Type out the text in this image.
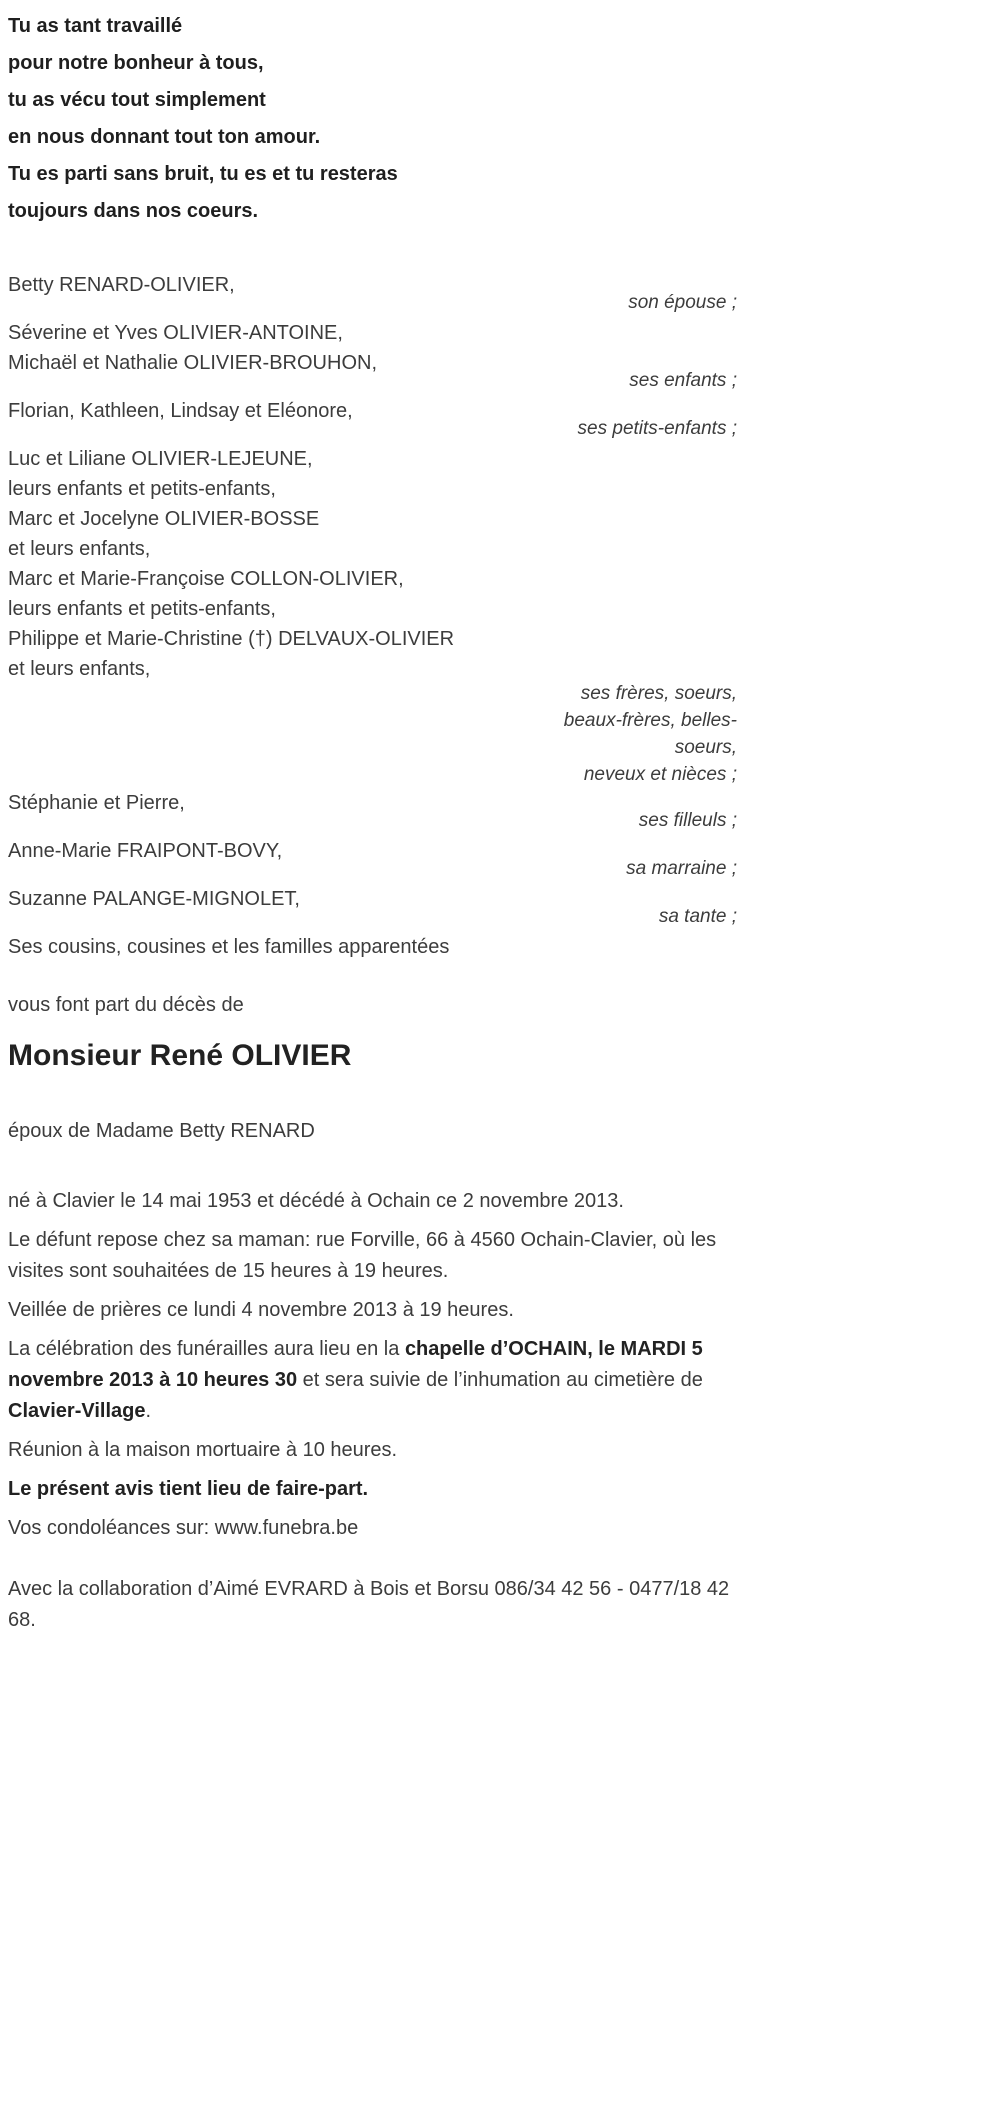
Tu as tant travaillé
pour notre bonheur à tous,
tu as vécu tout simplement
en nous donnant tout ton amour.
Tu es parti sans bruit, tu es et tu resteras
toujours dans nos coeurs.
Betty RENARD-OLIVIER,
son épouse ;
Séverine et Yves OLIVIER-ANTOINE,
Michaël et Nathalie OLIVIER-BROUHON,
ses enfants ;
Florian, Kathleen, Lindsay et Eléonore,
ses petits-enfants ;
Luc et Liliane OLIVIER-LEJEUNE,
leurs enfants et petits-enfants,
Marc et Jocelyne OLIVIER-BOSSE
et leurs enfants,
Marc et Marie-Françoise COLLON-OLIVIER,
leurs enfants et petits-enfants,
Philippe et Marie-Christine (†) DELVAUX-OLIVIER
et leurs enfants,
ses frères, soeurs,
beaux-frères, belles-
soeurs,
neveux et nièces ;
Stéphanie et Pierre,
ses filleuls ;
Anne-Marie FRAIPONT-BOVY,
sa marraine ;
Suzanne PALANGE-MIGNOLET,
sa tante ;
Ses cousins, cousines et les familles apparentées

vous font part du décès de

Monsieur René OLIVIER

époux de Madame Betty RENARD

né à Clavier le 14 mai 1953 et décédé à Ochain ce 2 novembre 2013.

Le défunt repose chez sa maman: rue Forville, 66 à 4560 Ochain-Clavier, où les visites sont souhaitées de 15 heures à 19 heures.

Veillée de prières ce lundi 4 novembre 2013 à 19 heures.

La célébration des funérailles aura lieu en la chapelle d’OCHAIN, le MARDI 5 novembre 2013 à 10 heures 30 et sera suivie de l’inhumation au cimetière de Clavier-Village.

Réunion à la maison mortuaire à 10 heures.

Le présent avis tient lieu de faire-part.

Vos condoléances sur: www.funebra.be

Avec la collaboration d’Aimé EVRARD à Bois et Borsu 086/34 42 56 - 0477/18 42 68.
